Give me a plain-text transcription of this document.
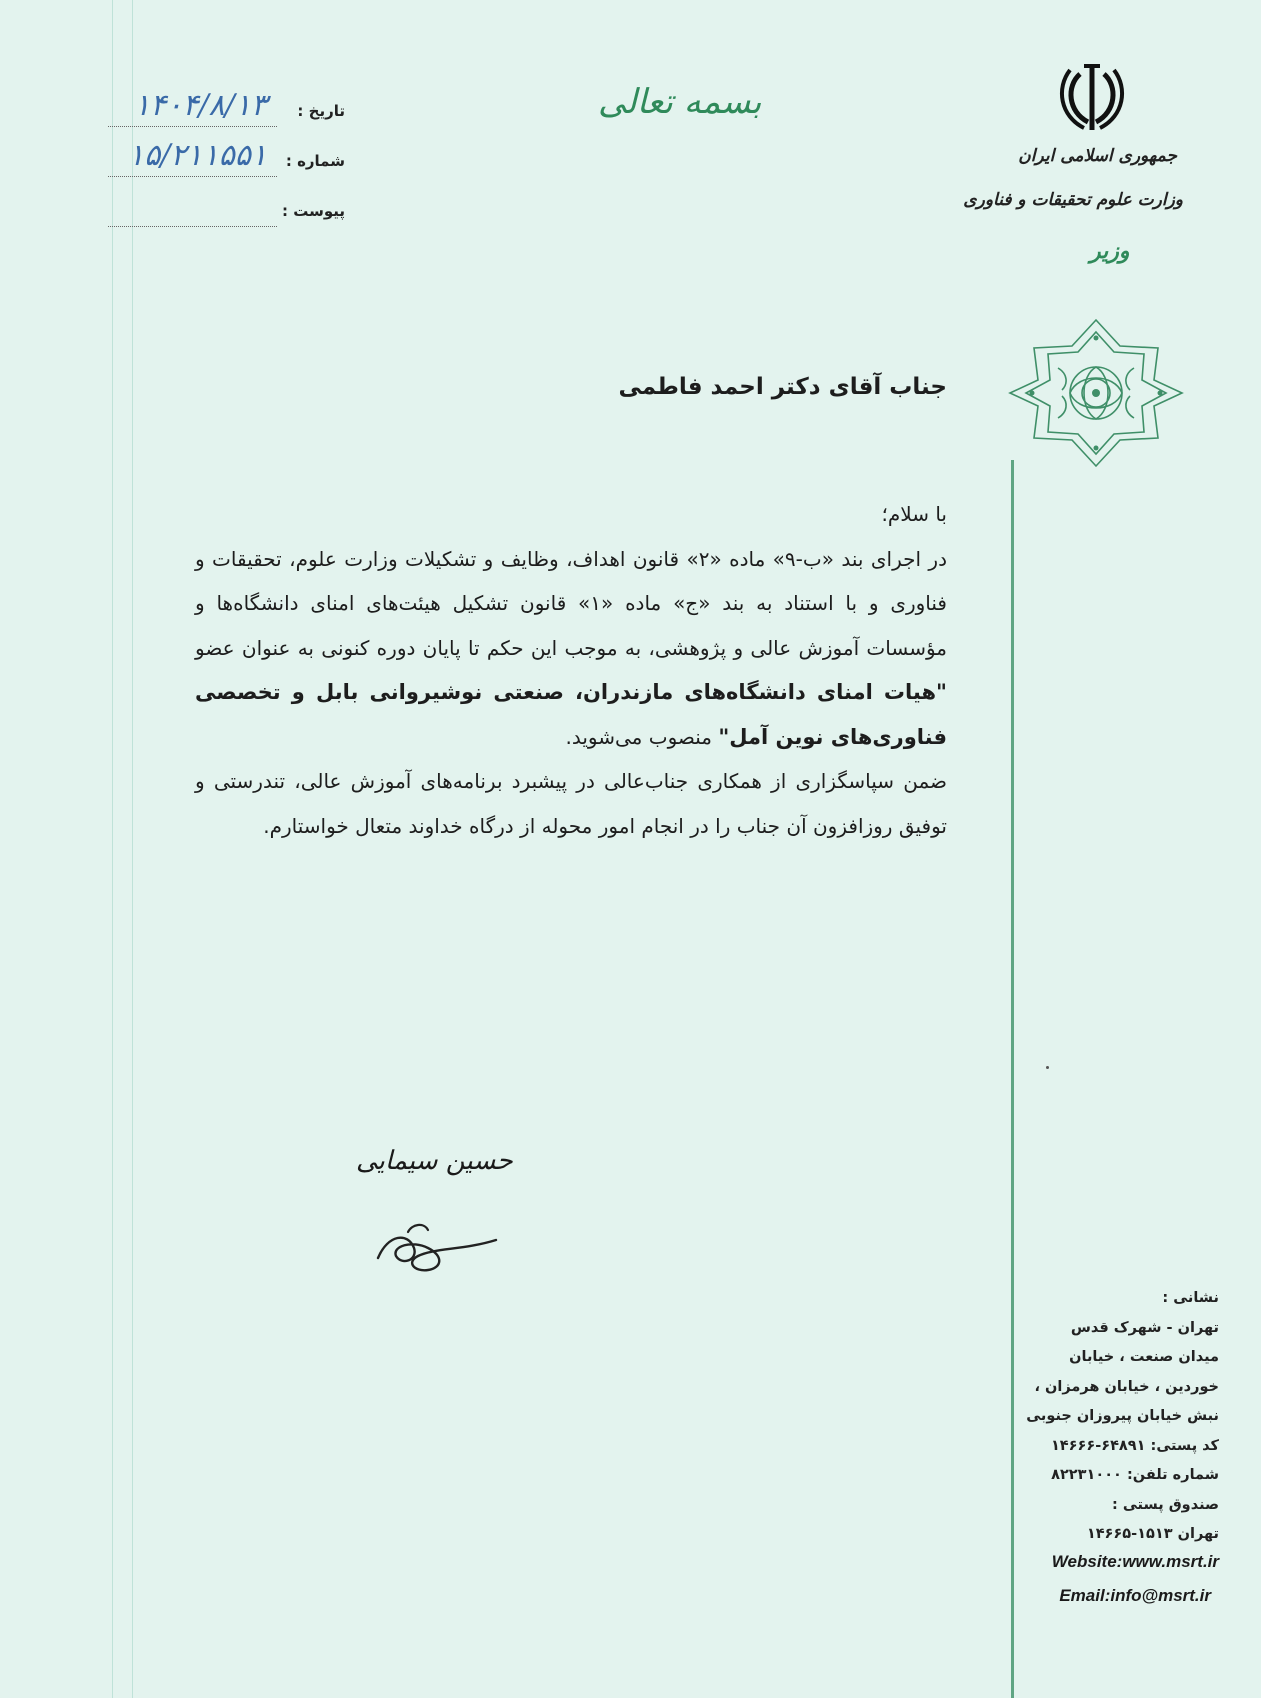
بسمه تعالی
تاریخ :
۱۴۰۴/۸/۱۳
شماره :
۱۵/۲۱۱۵۵۱
پیوست :
جمهوری اسلامی ایران
وزارت علوم تحقیقات و فناوری
وزیر
جناب آقای دکتر احمد فاطمی

با سلام؛

در اجرای بند «ب-۹» ماده «۲» قانون اهداف، وظایف و تشکیلات وزارت علوم، تحقیقات و فناوری و با استناد به بند «ج» ماده «۱» قانون تشکیل هیئت‌های امنای دانشگاه‌ها و مؤسسات آموزش عالی و پژوهشی، به موجب این حکم تا پایان دوره کنونی به عنوان عضو "هیات امنای دانشگاه‌های مازندران، صنعتی نوشیروانی بابل و تخصصی فناوری‌های نوین آمل" منصوب می‌شوید.

ضمن سپاسگزاری از همکاری جناب‌عالی در پیشبرد برنامه‌های آموزش عالی، تندرستی و توفیق روزافزون آن جناب را در انجام امور محوله از درگاه خداوند متعال خواستارم.

حسین سیمایی
نشانی :
تهران - شهرک قدس
میدان صنعت ، خیابان
خوردین ، خیابان هرمزان ،
نبش خیابان پیروزان جنوبی
کد پستی: ۶۴۸۹۱-۱۴۶۶۶
شماره تلفن: ۸۲۲۳۱۰۰۰
صندوق پستی :
تهران ۱۵۱۳-۱۴۶۶۵
Website:www.msrt.ir
Email:info@msrt.ir
